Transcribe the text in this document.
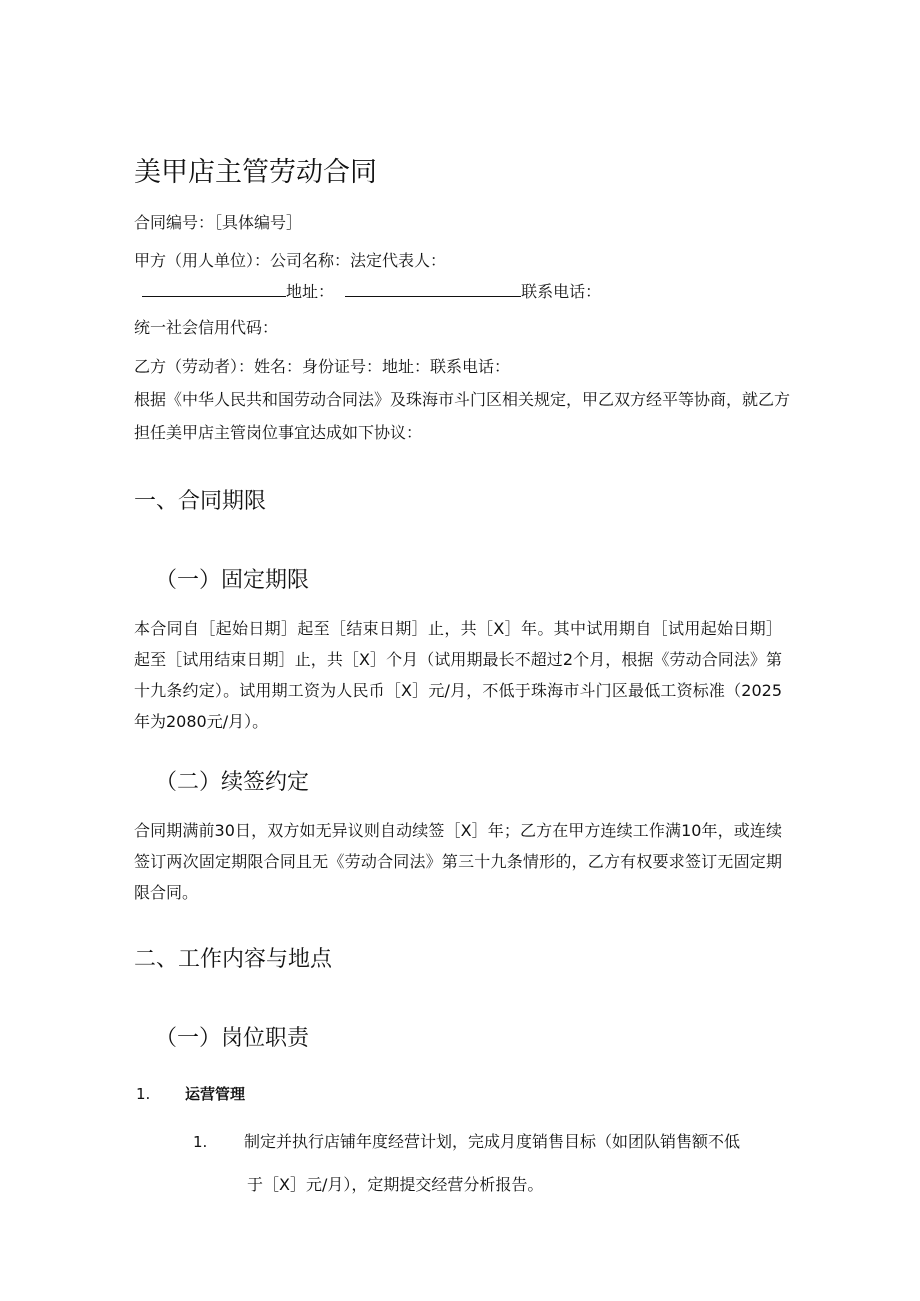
美甲店主管劳动合同
合同编号：［具体编号］
甲方（用人单位）：公司名称：法定代表人：
地址：	联系电话：
统一社会信用代码：
乙方（劳动者）：姓名：身份证号：地址：联系电话：
根据《中华人民共和国劳动合同法》及珠海市斗门区相关规定，甲乙双方经平等协商，就乙方
担任美甲店主管岗位事宜达成如下协议：
一、合同期限
（一）固定期限
本合同自［起始日期］起至［结束日期］止，共［X］年。其中试用期自［试用起始日期］起至［试用结束日期］止，共［X］个月（试用期最长不超过2个月，根据《劳动合同法》第十九条约定）。试用期工资为人民币［X］元/月，不低于珠海市斗门区最低工资标准（2025年为2080元/月）。
（二）续签约定
合同期满前30日，双方如无异议则自动续签［X］年；乙方在甲方连续工作满10年，或连续签订两次固定期限合同且无《劳动合同法》第三十九条情形的，乙方有权要求签订无固定期限合同。
二、工作内容与地点
（一）岗位职责
1. 运营管理
1. 制定并执行店铺年度经营计划，完成月度销售目标（如团队销售额不低
于［X］元/月），定期提交经营分析报告。
